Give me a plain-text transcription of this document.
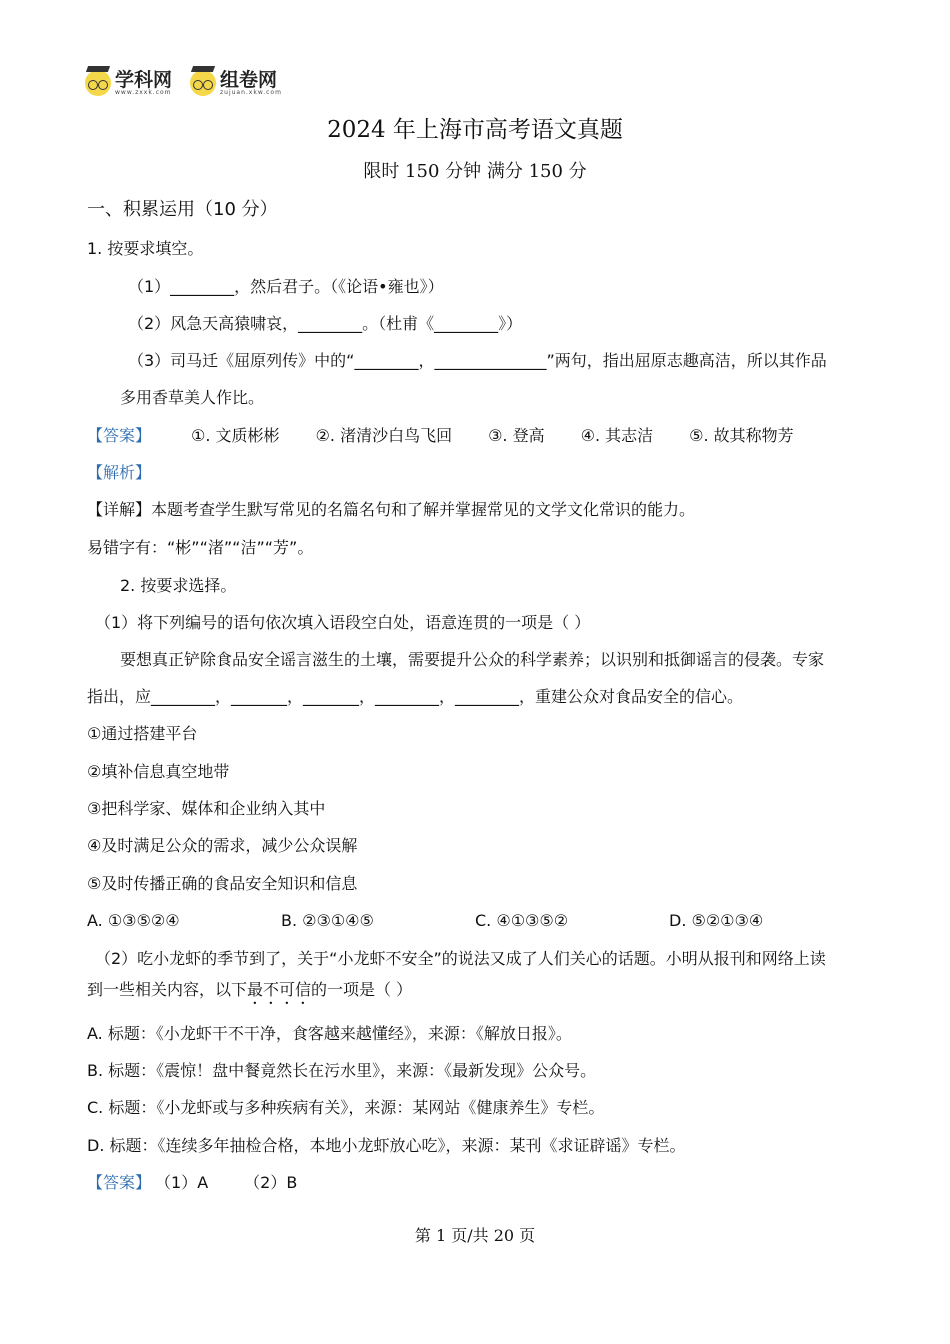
学科网
www.zxxk.com
组卷网
zujuan.xkw.com
2024 年上海市高考语文真题
限时 150 分钟 满分 150 分
一、积累运用（10 分）
1. 按要求填空。
（1）________，然后君子。（《论语•雍也》）
（2）风急天高猿啸哀，________。（杜甫《________》）
（3）司马迁《屈原列传》中的“________，______________”两句，指出屈原志趣高洁，所以其作品
多用香草美人作比。
【答案】	①. 文质彬彬 ②. 渚清沙白鸟飞回 ③. 登高 ④. 其志洁 ⑤. 故其称物芳
【解析】
【详解】本题考查学生默写常见的名篇名句和了解并掌握常见的文学文化常识的能力。
易错字有：“彬”“渚”“洁”“芳”。
2. 按要求选择。
（1）将下列编号的语句依次填入语段空白处，语意连贯的一项是（ ）
要想真正铲除食品安全谣言滋生的土壤，需要提升公众的科学素养；以识别和抵御谣言的侵袭。专家
指出，应________，_______，_______，________，________，重建公众对食品安全的信心。
①通过搭建平台
②填补信息真空地带
③把科学家、媒体和企业纳入其中
④及时满足公众的需求，减少公众误解
⑤及时传播正确的食品安全知识和信息
A. ①③⑤②④	B. ②③①④⑤	C. ④①③⑤②	D. ⑤②①③④
（2）吃小龙虾的季节到了，关于“小龙虾不安全”的说法又成了人们关心的话题。小明从报刊和网络上读
到一些相关内容，以下最不可信的一项是（ ）
A. 标题：《小龙虾干不干净，食客越来越懂经》，来源：《解放日报》。
B. 标题：《震惊！盘中餐竟然长在污水里》，来源：《最新发现》公众号。
C. 标题：《小龙虾或与多种疾病有关》，来源：某网站《健康养生》专栏。
D. 标题：《连续多年抽检合格，本地小龙虾放心吃》，来源：某刊《求证辟谣》专栏。
【答案】 （1）A （2）B
第 1 页/共 20 页
